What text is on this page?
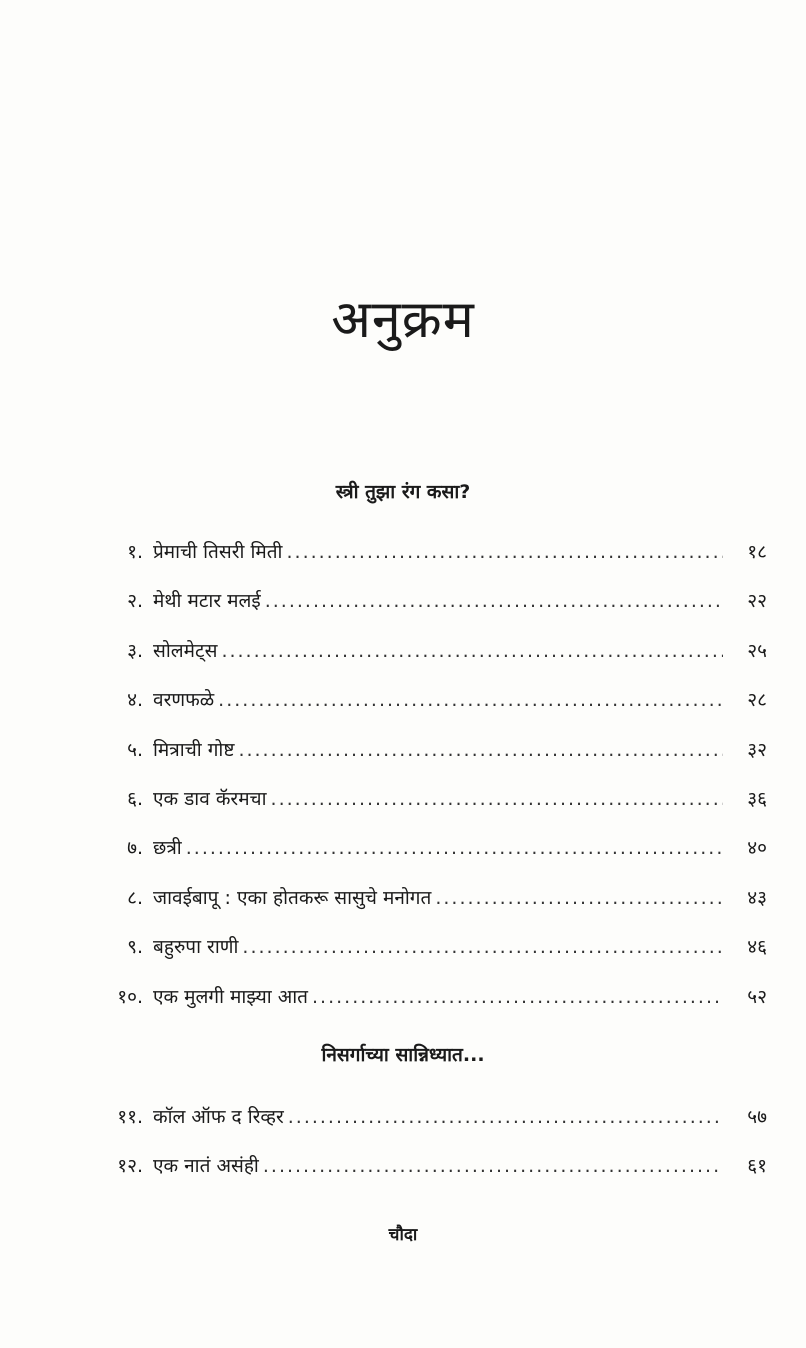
अनुक्रम
स्त्री तुझा रंग कसा?
१. प्रेमाची तिसरी मिती .....	१८
२. मेथी मटार मलई .....	२२
३. सोलमेट्स .....	२५
४. वरणफळे .....	२८
५. मित्राची गोष्ट .....	३२
६. एक डाव कॅरमचा .....	३६
७. छत्री .....	४०
८. जावईबापू : एका होतकरू सासुचे मनोगत .....	४३
९. बहुरुपा राणी .....	४६
१०. एक मुलगी माझ्या आत .....	५२
निसर्गाच्या सान्निध्यात...
११. कॉल ऑफ द रिव्हर .....	५७
१२. एक नातं असंही .....	६१
चौदा
